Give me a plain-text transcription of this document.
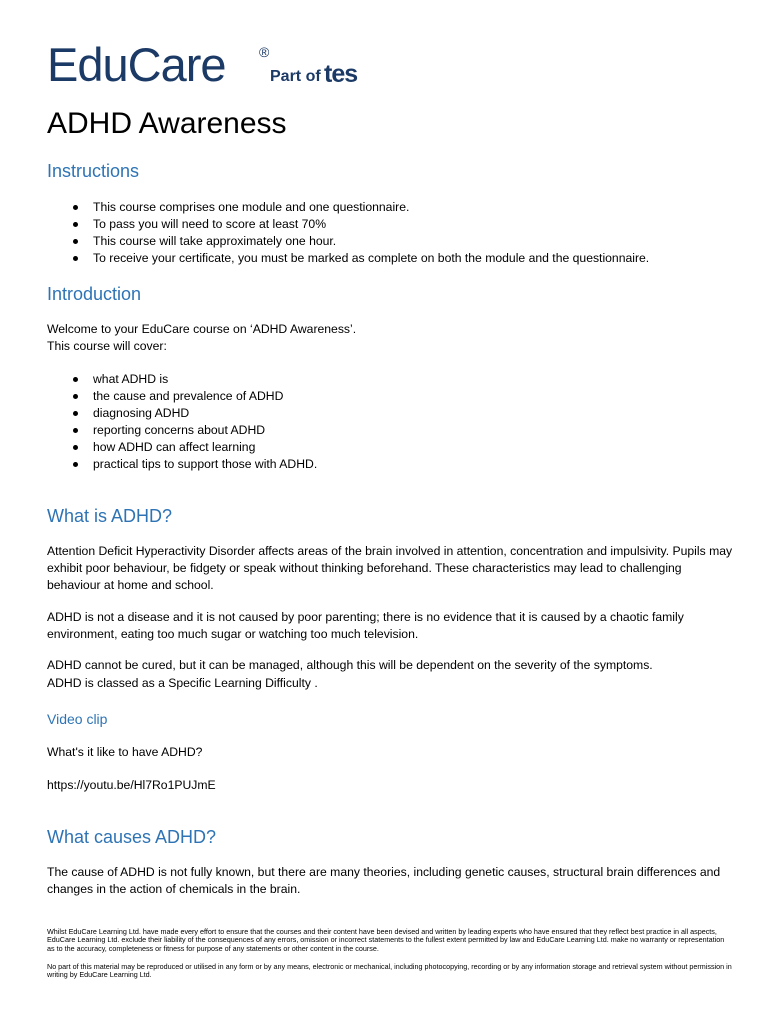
EduCare ®
Part of tes
ADHD Awareness
Instructions
This course comprises one module and one questionnaire.
To pass you will need to score at least 70%
This course will take approximately one hour.
To receive your certificate, you must be marked as complete on both the module and the questionnaire.
Introduction

Welcome to your EduCare course on ‘ADHD Awareness’.

This course will cover:

what ADHD is
the cause and prevalence of ADHD
diagnosing ADHD
reporting concerns about ADHD
how ADHD can affect learning
practical tips to support those with ADHD.
What is ADHD?

Attention Deficit Hyperactivity Disorder affects areas of the brain involved in attention, concentration and impulsivity. Pupils may exhibit poor behaviour, be fidgety or speak without thinking beforehand. These characteristics may lead to challenging behaviour at home and school.

ADHD is not a disease and it is not caused by poor parenting; there is no evidence that it is caused by a chaotic family environment, eating too much sugar or watching too much television.

ADHD cannot be cured, but it can be managed, although this will be dependent on the severity of the symptoms.

ADHD is classed as a Specific Learning Difficulty .

Video clip

What's it like to have ADHD?

https://youtu.be/Hl7Ro1PUJmE

What causes ADHD?

The cause of ADHD is not fully known, but there are many theories, including genetic causes, structural brain differences and changes in the action of chemicals in the brain.

Whilst EduCare Learning Ltd. have made every effort to ensure that the courses and their content have been devised and written by leading experts who have ensured that they reflect best practice in all aspects, EduCare Learning Ltd. exclude their liability of the consequences of any errors, omission or incorrect statements to the fullest extent permitted by law and EduCare Learning Ltd. make no warranty or representation as to the accuracy, completeness or fitness for purpose of any statements or other content in the course.

No part of this material may be reproduced or utilised in any form or by any means, electronic or mechanical, including photocopying, recording or by any information storage and retrieval system without permission in writing by EduCare Learning Ltd.
